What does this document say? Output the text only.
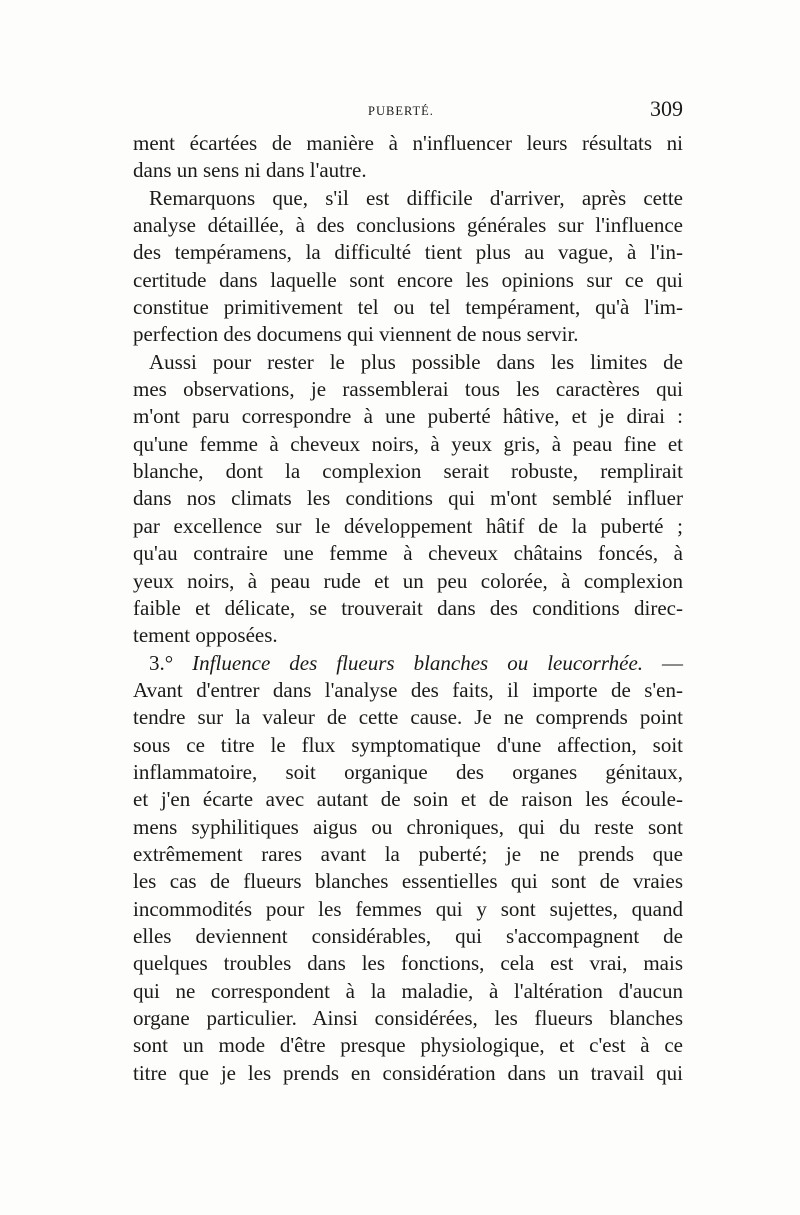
PUBERTÉ.	309
ment écartées de manière à n'influencer leurs résultats ni
dans un sens ni dans l'autre.
Remarquons que, s'il est difficile d'arriver, après cette
analyse détaillée, à des conclusions générales sur l'influence
des tempéramens, la difficulté tient plus au vague, à l'in-
certitude dans laquelle sont encore les opinions sur ce qui
constitue primitivement tel ou tel tempérament, qu'à l'im-
perfection des documens qui viennent de nous servir.
Aussi pour rester le plus possible dans les limites de
mes observations, je rassemblerai tous les caractères qui
m'ont paru correspondre à une puberté hâtive, et je dirai :
qu'une femme à cheveux noirs, à yeux gris, à peau fine et
blanche, dont la complexion serait robuste, remplirait
dans nos climats les conditions qui m'ont semblé influer
par excellence sur le développement hâtif de la puberté ;
qu'au contraire une femme à cheveux châtains foncés, à
yeux noirs, à peau rude et un peu colorée, à complexion
faible et délicate, se trouverait dans des conditions direc-
tement opposées.
3.° Influence des flueurs blanches ou leucorrhée. —
Avant d'entrer dans l'analyse des faits, il importe de s'en-
tendre sur la valeur de cette cause. Je ne comprends point
sous ce titre le flux symptomatique d'une affection, soit
inflammatoire, soit organique des organes génitaux,
et j'en écarte avec autant de soin et de raison les écoule-
mens syphilitiques aigus ou chroniques, qui du reste sont
extrêmement rares avant la puberté; je ne prends que
les cas de flueurs blanches essentielles qui sont de vraies
incommodités pour les femmes qui y sont sujettes, quand
elles deviennent considérables, qui s'accompagnent de
quelques troubles dans les fonctions, cela est vrai, mais
qui ne correspondent à la maladie, à l'altération d'aucun
organe particulier. Ainsi considérées, les flueurs blanches
sont un mode d'être presque physiologique, et c'est à ce
titre que je les prends en considération dans un travail qui
